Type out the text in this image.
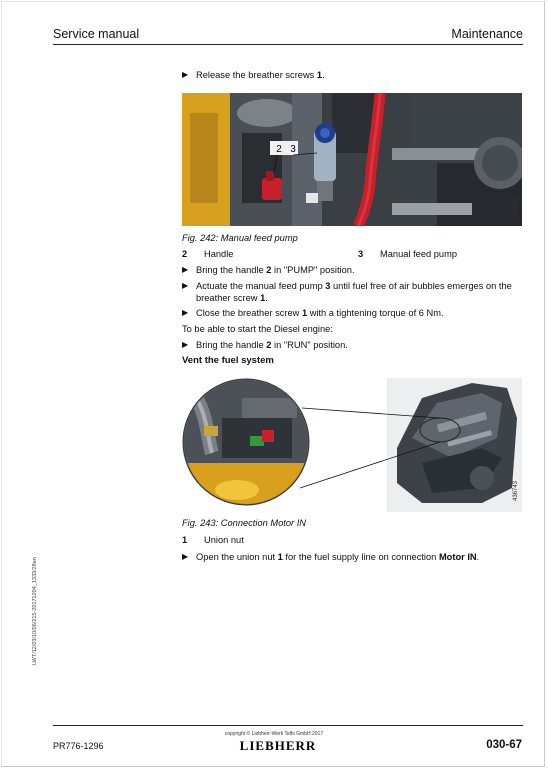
Service manual	Maintenance
▶ Release the breather screws 1.
2 3
483839
Fig. 242: Manual feed pump
2 Handle	3 Manual feed pump
▶ Bring the handle 2 in "PUMP" position.
▶ Actuate the manual feed pump 3 until fuel free of air bubbles emerges on the
breather screw 1.
▶ Close the breather screw 1 with a tightening torque of 6 Nm.
To be able to start the Diesel engine:
▶ Bring the handle 2 in "RUN" position.
Vent the fuel system
436743
Fig. 243: Connection Motor IN
1 Union nut
▶ Open the union nut 1 for the fuel supply line on connection Motor IN.
LWT/12/03/10/06/215-20171204_1333/28en
copyright © Liebherr-Werk Telfs GmbH 2017
LIEBHERR
PR776-1296	030-67
